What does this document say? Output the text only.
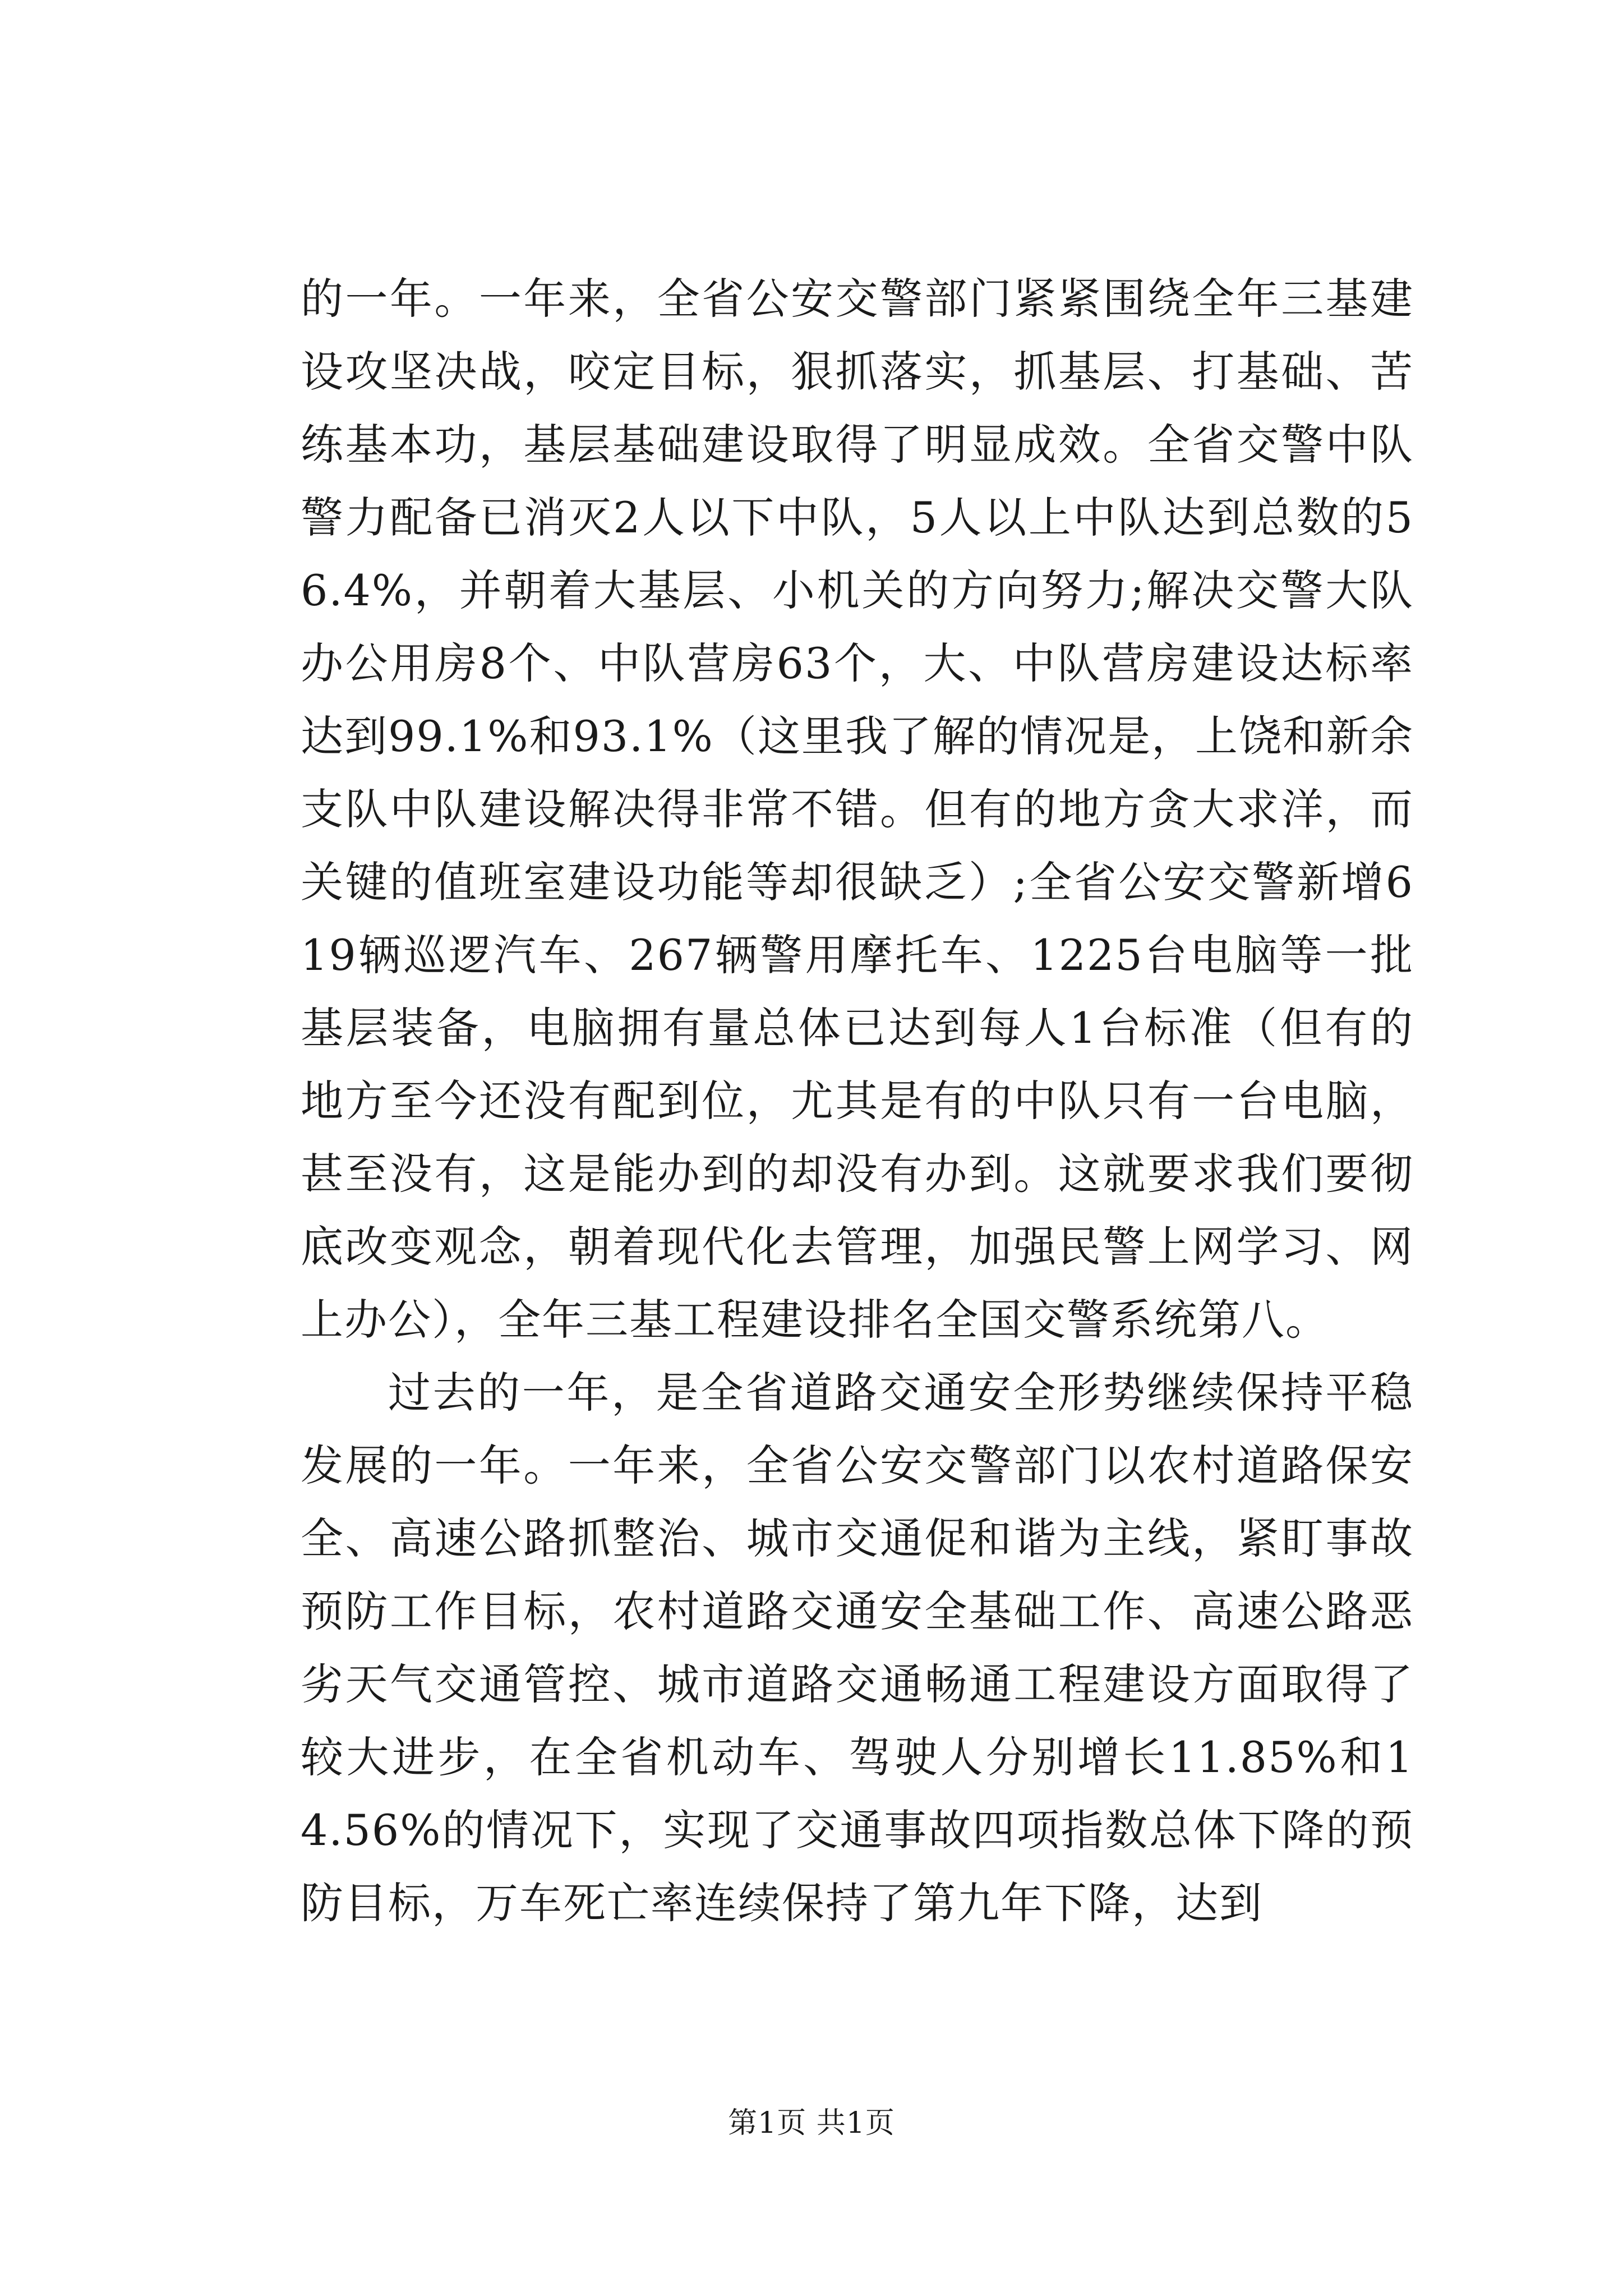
的一年。一年来，全省公安交警部门紧紧围绕全年三基建设攻坚决战，咬定目标，狠抓落实，抓基层、打基础、苦练基本功，基层基础建设取得了明显成效。全省交警中队警力配备已消灭2人以下中队，5人以上中队达到总数的56.4%，并朝着大基层、小机关的方向努力;解决交警大队办公用房8个、中队营房63个，大、中队营房建设达标率达到99.1%和93.1%（这里我了解的情况是，上饶和新余支队中队建设解决得非常不错。但有的地方贪大求洋，而关键的值班室建设功能等却很缺乏）;全省公安交警新增619辆巡逻汽车、267辆警用摩托车、1225台电脑等一批基层装备，电脑拥有量总体已达到每人1台标准（但有的地方至今还没有配到位，尤其是有的中队只有一台电脑，甚至没有，这是能办到的却没有办到。这就要求我们要彻底改变观念，朝着现代化去管理，加强民警上网学习、网上办公），全年三基工程建设排名全国交警系统第八。

过去的一年，是全省道路交通安全形势继续保持平稳发展的一年。一年来，全省公安交警部门以农村道路保安全、高速公路抓整治、城市交通促和谐为主线，紧盯事故预防工作目标，农村道路交通安全基础工作、高速公路恶劣天气交通管控、城市道路交通畅通工程建设方面取得了较大进步，在全省机动车、驾驶人分别增长11.85%和14.56%的情况下，实现了交通事故四项指数总体下降的预防目标，万车死亡率连续保持了第九年下降，达到

第1页 共1页
